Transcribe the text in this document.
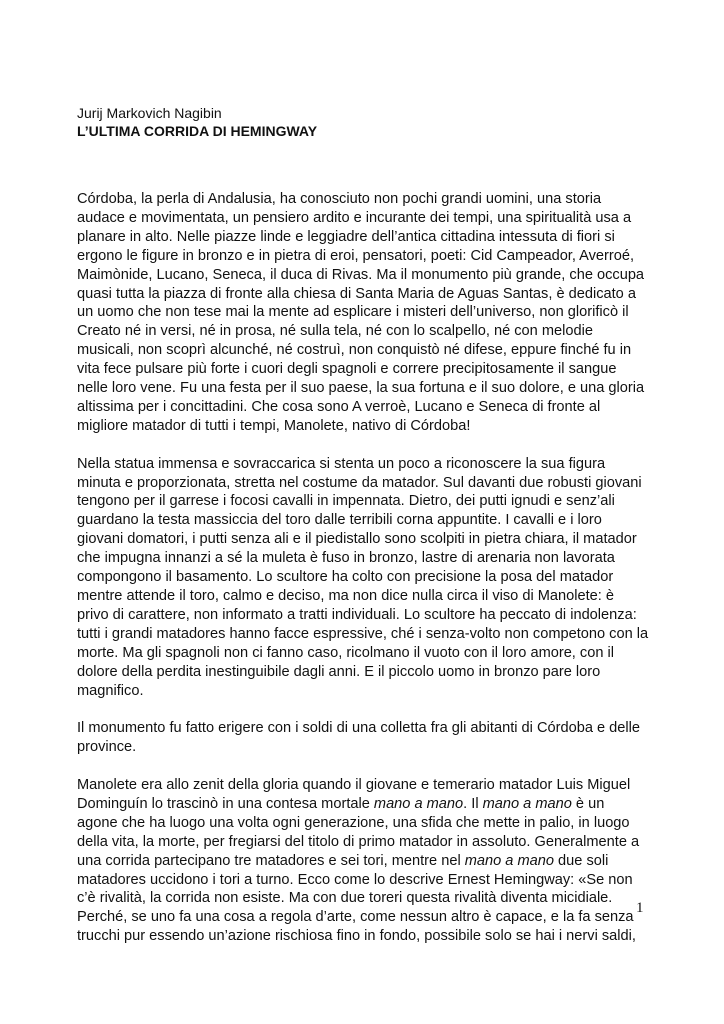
Jurij Markovich Nagibin
L’ULTIMA CORRIDA DI HEMINGWAY
Córdoba, la perla di Andalusia, ha conosciuto non pochi grandi uomini, una storia
audace e movimentata, un pensiero ardito e incurante dei tempi, una spiritualità usa a
planare in alto. Nelle piazze linde e leggiadre dell’antica cittadina intessuta di fiori si
ergono le figure in bronzo e in pietra di eroi, pensatori, poeti: Cid Campeador, Averroé,
Maimònide, Lucano, Seneca, il duca di Rivas. Ma il monumento più grande, che occupa
quasi tutta la piazza di fronte alla chiesa di Santa Maria de Aguas Santas, è dedicato a
un uomo che non tese mai la mente ad esplicare i misteri dell’universo, non glorificò il
Creato né in versi, né in prosa, né sulla tela, né con lo scalpello, né con melodie
musicali, non scoprì alcunché, né costruì, non conquistò né difese, eppure finché fu in
vita fece pulsare più forte i cuori degli spagnoli e correre precipitosamente il sangue
nelle loro vene. Fu una festa per il suo paese, la sua fortuna e il suo dolore, e una gloria
altissima per i concittadini. Che cosa sono A verroè, Lucano e Seneca di fronte al
migliore matador di tutti i tempi, Manolete, nativo di Córdoba!
Nella statua immensa e sovraccarica si stenta un poco a riconoscere la sua figura
minuta e proporzionata, stretta nel costume da matador. Sul davanti due robusti giovani
tengono per il garrese i focosi cavalli in impennata. Dietro, dei putti ignudi e senz’ali
guardano la testa massiccia del toro dalle terribili corna appuntite. I cavalli e i loro
giovani domatori, i putti senza ali e il piedistallo sono scolpiti in pietra chiara, il matador
che impugna innanzi a sé la muleta è fuso in bronzo, lastre di arenaria non lavorata
compongono il basamento. Lo scultore ha colto con precisione la posa del matador
mentre attende il toro, calmo e deciso, ma non dice nulla circa il viso di Manolete: è
privo di carattere, non informato a tratti individuali. Lo scultore ha peccato di indolenza:
tutti i grandi matadores hanno facce espressive, ché i senza-volto non competono con la
morte. Ma gli spagnoli non ci fanno caso, ricolmano il vuoto con il loro amore, con il
dolore della perdita inestinguibile dagli anni. E il piccolo uomo in bronzo pare loro
magnifico.
Il monumento fu fatto erigere con i soldi di una colletta fra gli abitanti di Córdoba e delle
province.
Manolete era allo zenit della gloria quando il giovane e temerario matador Luis Miguel
Dominguín lo trascinò in una contesa mortale mano a mano. Il mano a mano è un
agone che ha luogo una volta ogni generazione, una sfida che mette in palio, in luogo
della vita, la morte, per fregiarsi del titolo di primo matador in assoluto. Generalmente a
una corrida partecipano tre matadores e sei tori, mentre nel mano a mano due soli
matadores uccidono i tori a turno. Ecco come lo descrive Ernest Hemingway: «Se non
c’è rivalità, la corrida non esiste. Ma con due toreri questa rivalità diventa micidiale.
Perché, se uno fa una cosa a regola d’arte, come nessun altro è capace, e la fa senza
trucchi pur essendo un’azione rischiosa fino in fondo, possibile solo se hai i nervi saldi,
1
